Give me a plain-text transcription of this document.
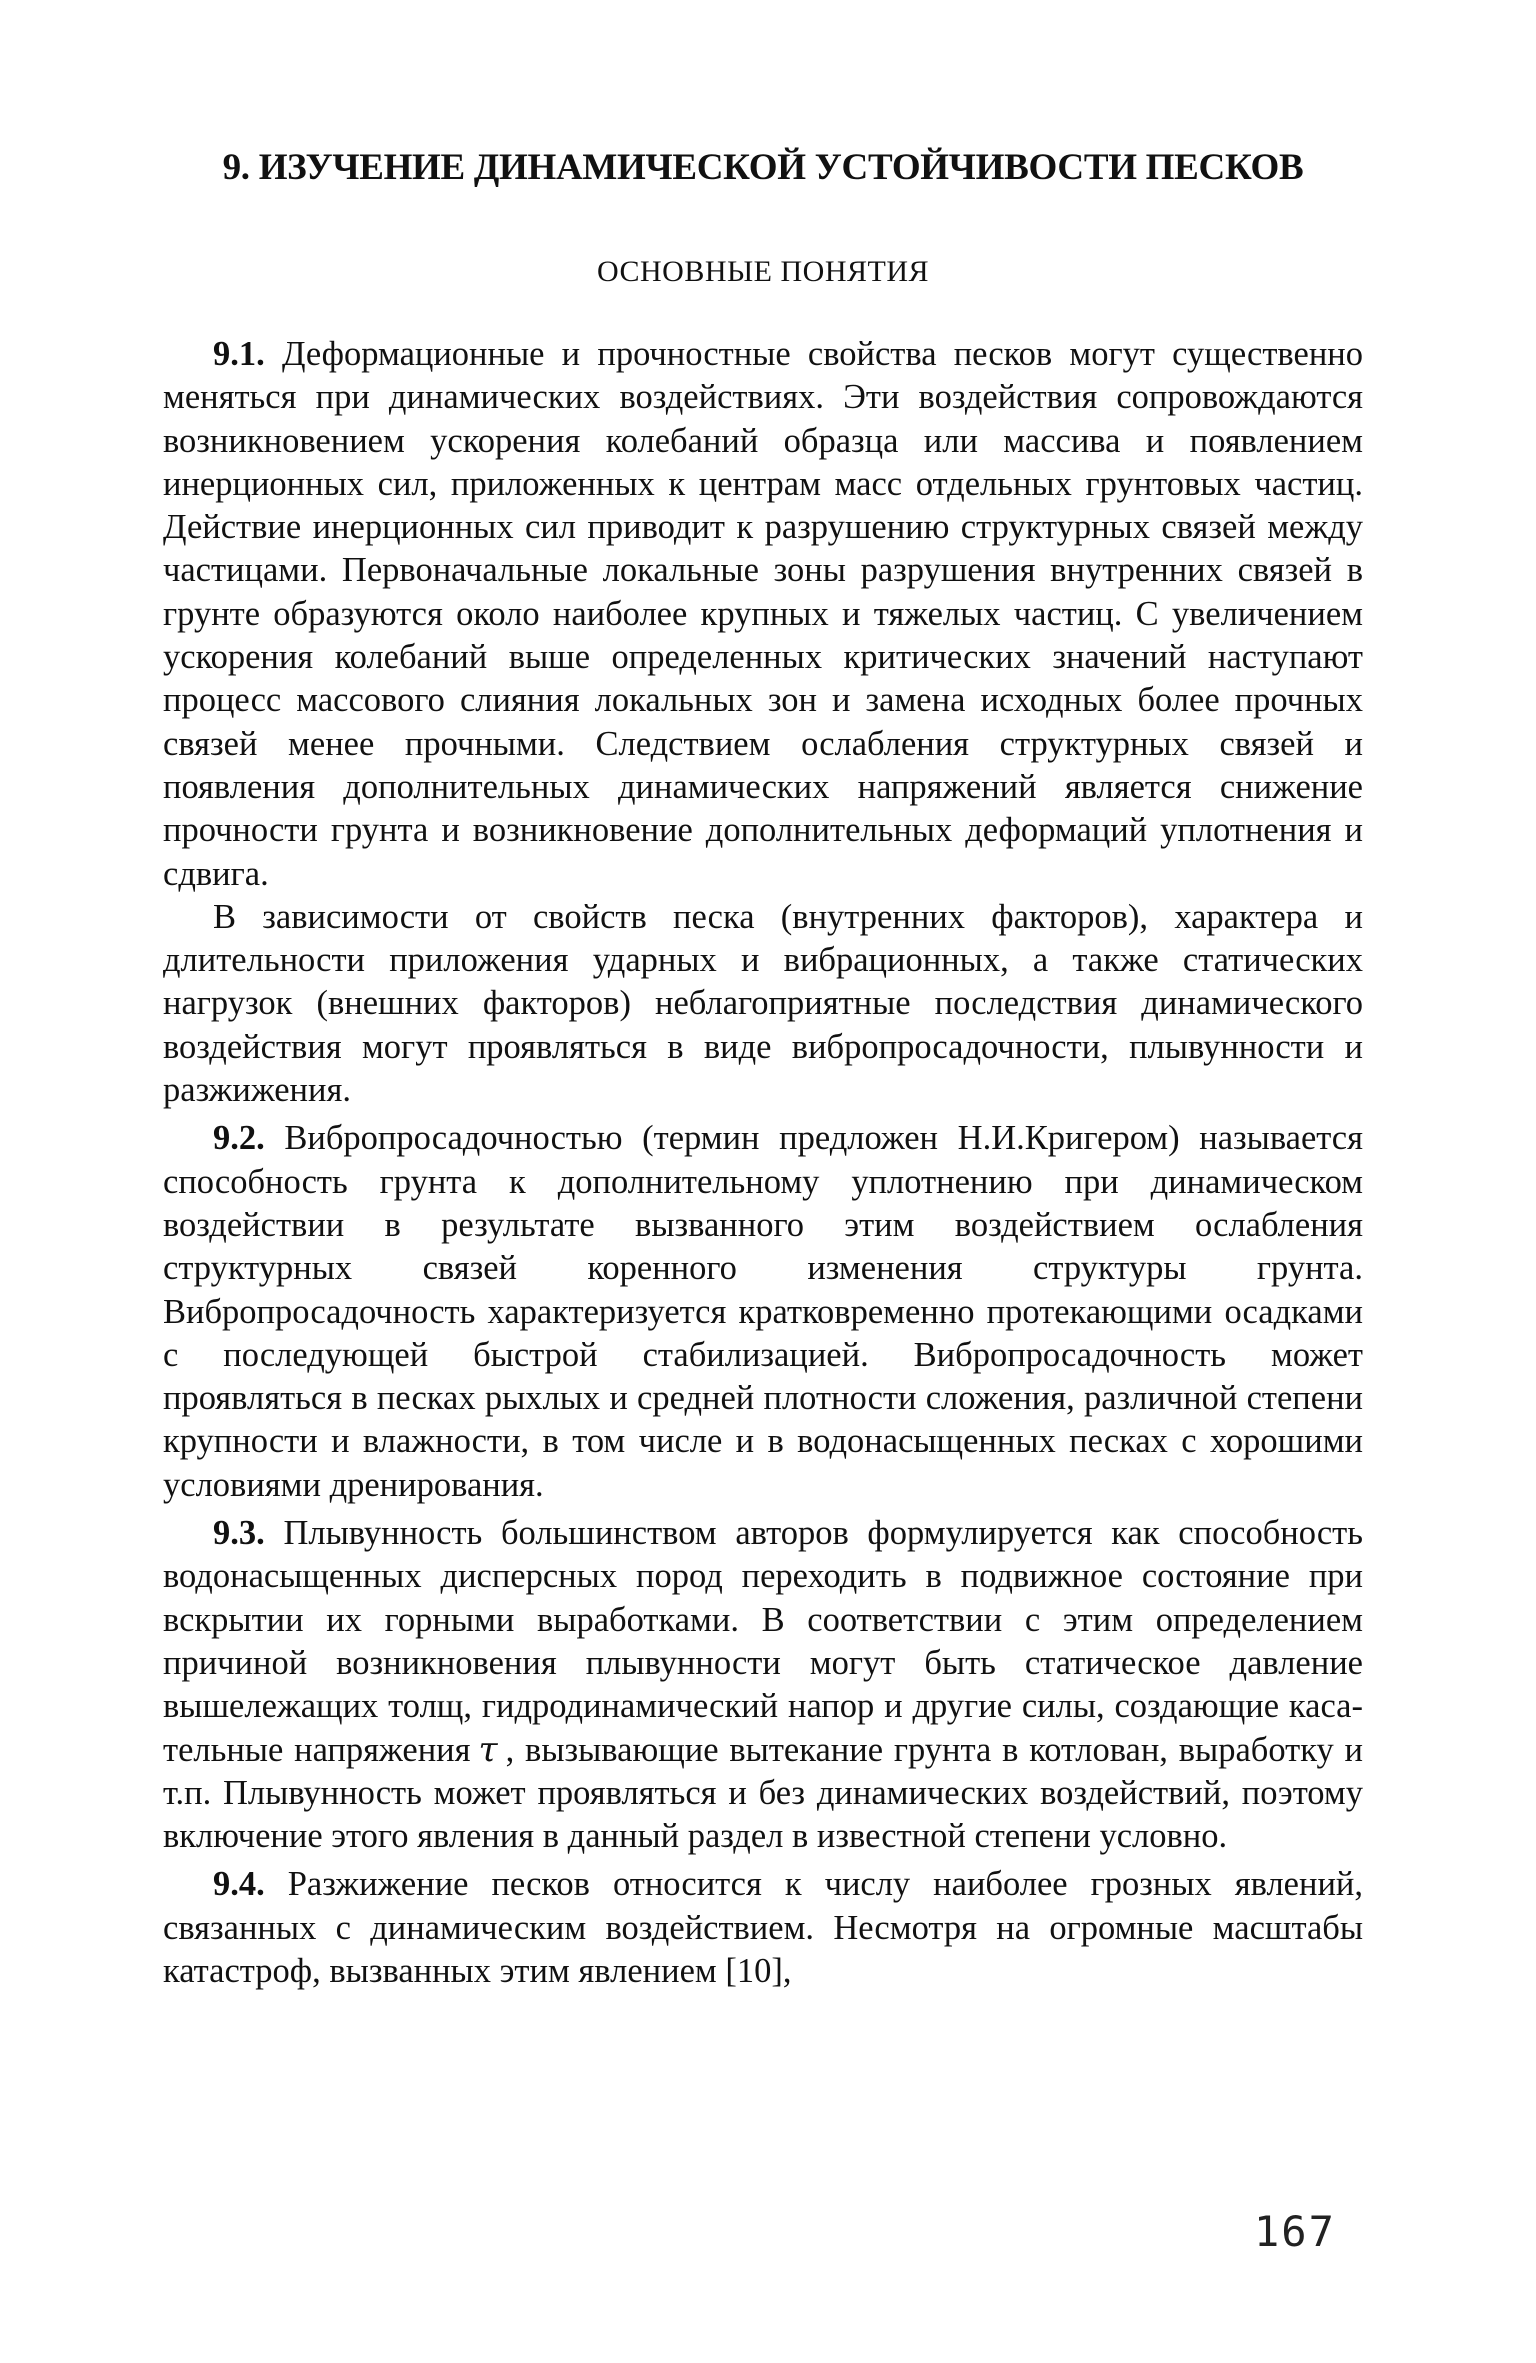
9. ИЗУЧЕНИЕ ДИНАМИЧЕСКОЙ УСТОЙЧИВОСТИ ПЕСКОВ
ОСНОВНЫЕ ПОНЯТИЯ

9.1. Деформационные и прочностные свойства песков могут существенно меняться при динамических воздействиях. Эти воздействия сопровождаются возникновением ускорения колебаний образца или массива и появлением инерционных сил, приложенных к центрам масс отдельных грунтовых частиц. Действие инерционных сил приводит к разрушению структурных связей между частицами. Первоначальные локальные зоны разрушения внутренних связей в грунте образуются около наиболее крупных и тяжелых частиц. С увеличением ускорения колебаний выше определенных критических значений наступают процесс массового слияния локальных зон и замена исходных более прочных связей менее прочными. Следствием ослабления структурных связей и появления дополнительных динамических напряжений является снижение прочности грунта и возникновение дополнительных деформаций уплотнения и сдвига.

В зависимости от свойств песка (внутренних факторов), характера и длительности приложения ударных и вибрационных, а также статических нагрузок (внешних факторов) неблагоприятные последствия динамического воздействия могут проявляться в виде вибропросадочности, плывунности и разжижения.

9.2. Вибропросадочностью (термин предложен Н.И.Кригером) называется способность грунта к дополнительному уплотнению при динамическом воздействии в результате вызванного этим воздействием ослабления структурных связей коренного изменения структуры грунта. Вибропросадочность характеризуется кратковременно протекающими осадками с последующей быстрой стабилизацией. Вибропросадочность может проявляться в песках рыхлых и средней плотности сложения, различной степени крупности и влажности, в том числе и в водонасыщенных песках с хорошими условиями дренирования.

9.3. Плывунность большинством авторов формулируется как способность водонасыщенных дисперсных пород переходить в подвижное состояние при вскрытии их горными выработками. В соответствии с этим определением причиной возникновения плывунности могут быть статическое давление вышележащих толщ, гидродинамический напор и другие силы, создающие касательные напряжения τ , вызывающие вытекание грунта в котлован, выработку и т.п. Плывунность может проявляться и без динамических воздействий, поэтому включение этого явления в данный раздел в известной степени условно.

9.4. Разжижение песков относится к числу наиболее грозных явлений, связанных с динамическим воздействием. Несмотря на огромные масштабы катастроф, вызванных этим явлением [10],

167
